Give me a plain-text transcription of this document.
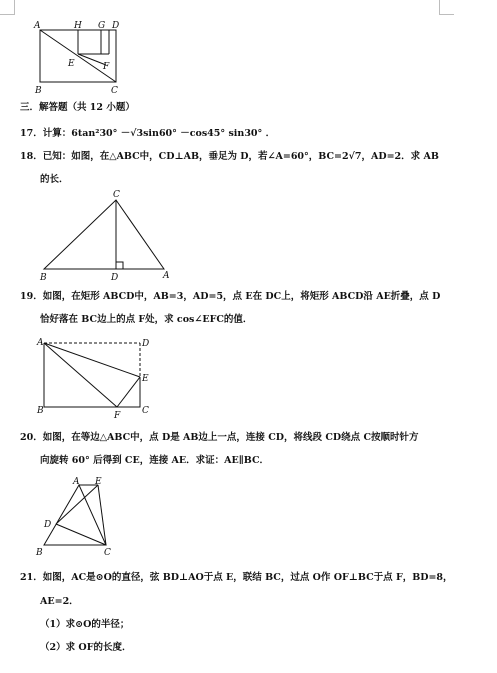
A	H G D
E	F
B	C
三．解答题（共 12 小题）
17．计算：6tan²30° －√3sin60° －cos45° sin30° ．
18．已知：如图，在△ABC中，CD⊥AB，垂足为 D，若∠A=60°，BC=2√7，AD=2．求 AB
的长．
C
B	D	A
19．如图，在矩形 ABCD中，AB=3，AD=5，点 E在 DC上，将矩形 ABCD沿 AE折叠，点 D
恰好落在 BC边上的点 F处，求 cos∠EFC的值．
A	D
E
B	F C
20．如图，在等边△ABC中，点 D是 AB边上一点，连接 CD，将线段 CD绕点 C按顺时针方
向旋转 60° 后得到 CE，连接 AE．求证：AE∥BC．
A E
D
B	C
21．如图，AC是⊙O的直径，弦 BD⊥AO于点 E，联结 BC，过点 O作 OF⊥BC于点 F，BD=8，
AE=2．
（1）求⊙O的半径；
（2）求 OF的长度．
